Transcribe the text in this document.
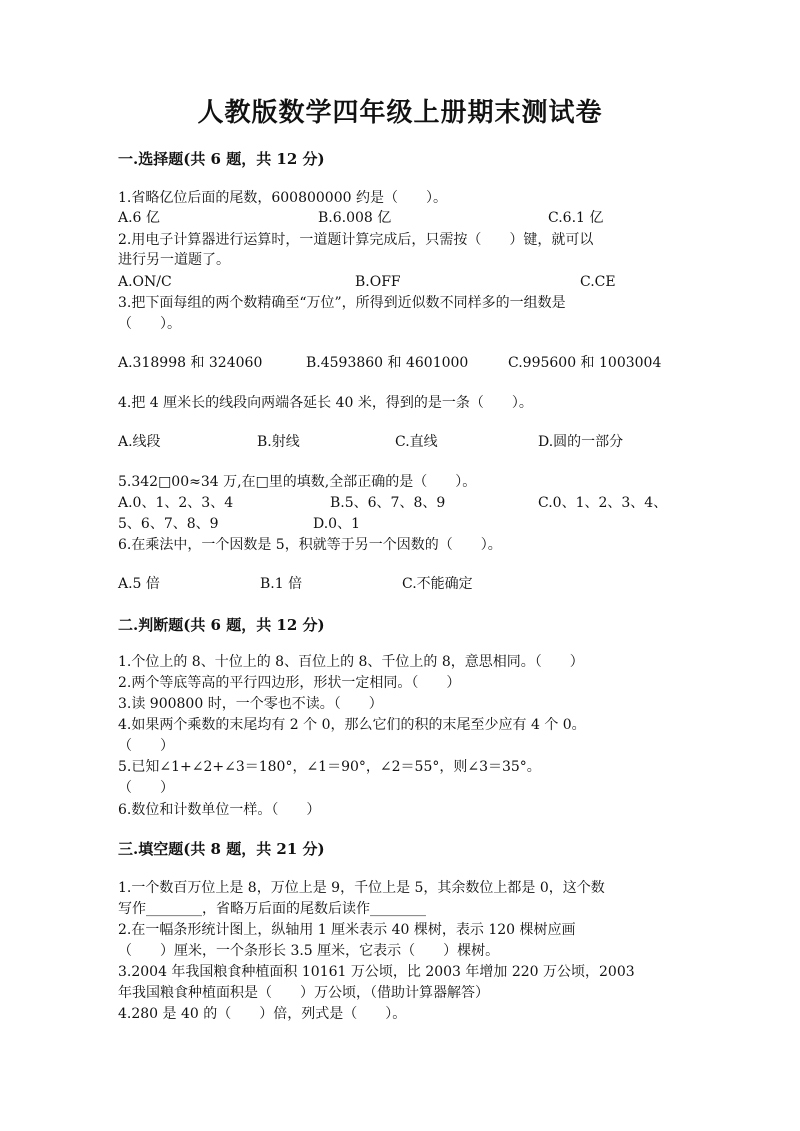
人教版数学四年级上册期末测试卷
一.选择题(共 6 题，共 12 分)
1.省略亿位后面的尾数，600800000 约是（　　）。
A.6 亿	B.6.008 亿	C.6.1 亿
2.用电子计算器进行运算时，一道题计算完成后，只需按（　　）键，就可以
进行另一道题了。
A.ON/C	B.OFF	C.CE
3.把下面每组的两个数精确至“万位”，所得到近似数不同样多的一组数是
（　　）。
A.318998 和 324060	B.4593860 和 4601000	C.995600 和 1003004
4.把 4 厘米长的线段向两端各延长 40 米，得到的是一条（　　）。
A.线段	B.射线	C.直线	D.圆的一部分
5.342□00≈34 万,在□里的填数,全部正确的是（　　）。
A.0、1、2、3、4	B.5、6、7、8、9	C.0、1、2、3、4、
5、6、7、8、9	D.0、1
6.在乘法中，一个因数是 5，积就等于另一个因数的（　　）。
A.5 倍	B.1 倍	C.不能确定
二.判断题(共 6 题，共 12 分)
1.个位上的 8、十位上的 8、百位上的 8、千位上的 8，意思相同。（　　）
2.两个等底等高的平行四边形，形状一定相同。（　　）
3.读 900800 时，一个零也不读。（　　）
4.如果两个乘数的末尾均有 2 个 0，那么它们的积的末尾至少应有 4 个 0。
（　　）
5.已知∠1+∠2+∠3＝180°，∠1＝90°，∠2＝55°，则∠3＝35°。
（　　）
6.数位和计数单位一样。（　　）
三.填空题(共 8 题，共 21 分)
1.一个数百万位上是 8，万位上是 9，千位上是 5，其余数位上都是 0，这个数
写作________，省略万后面的尾数后读作________
2.在一幅条形统计图上，纵轴用 1 厘米表示 40 棵树，表示 120 棵树应画
（　　）厘米，一个条形长 3.5 厘米，它表示（　　）棵树。
3.2004 年我国粮食种植面积 10161 万公顷，比 2003 年增加 220 万公顷，2003
年我国粮食种植面积是（　　）万公顷，（借助计算器解答）
4.280 是 40 的（　　）倍，列式是（　　）。
